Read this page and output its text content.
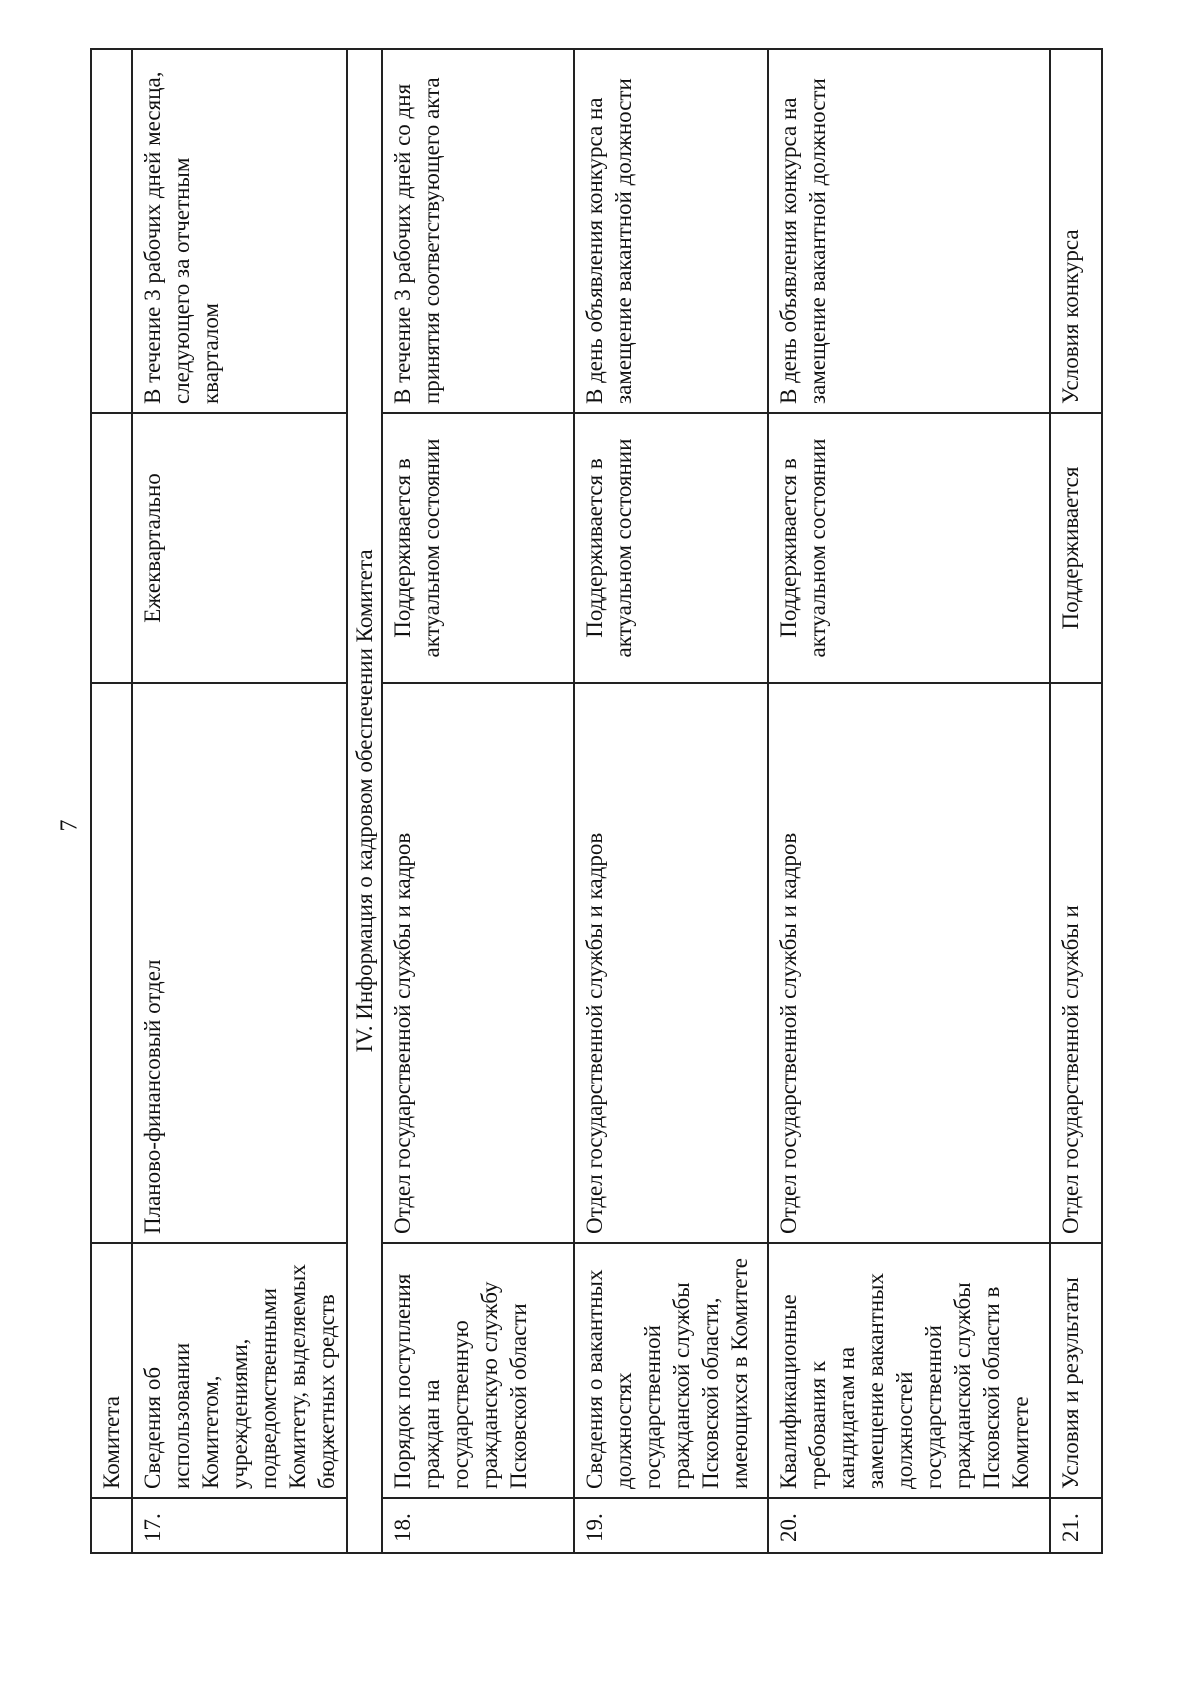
7
	Комитета			
17.	Сведения об использовании Комитетом, учреждениями, подведомственными Комитету, выделяемых бюджетных средств	Планово-финансовый отдел	Ежеквартально	В течение 3 рабочих дней месяца, следующего за отчетным кварталом
IV. Информация о кадровом обеспечении Комитета				
18.	Порядок поступления граждан на государственную гражданскую службу Псковской области	Отдел государственной службы и кадров	Поддерживается в актуальном состоянии	В течение 3 рабочих дней со дня принятия соответствующего акта
19.	Сведения о вакантных должностях государственной гражданской службы Псковской области, имеющихся в Комитете	Отдел государственной службы и кадров	Поддерживается в актуальном состоянии	В день объявления конкурса на замещение вакантной должности
20.	Квалификационные требования к кандидатам на замещение вакантных должностей государственной гражданской службы Псковской области в Комитете	Отдел государственной службы и кадров	Поддерживается в актуальном состоянии	В день объявления конкурса на замещение вакантной должности
21.	Условия и результаты	Отдел государственной службы и	Поддерживается	Условия конкурса
